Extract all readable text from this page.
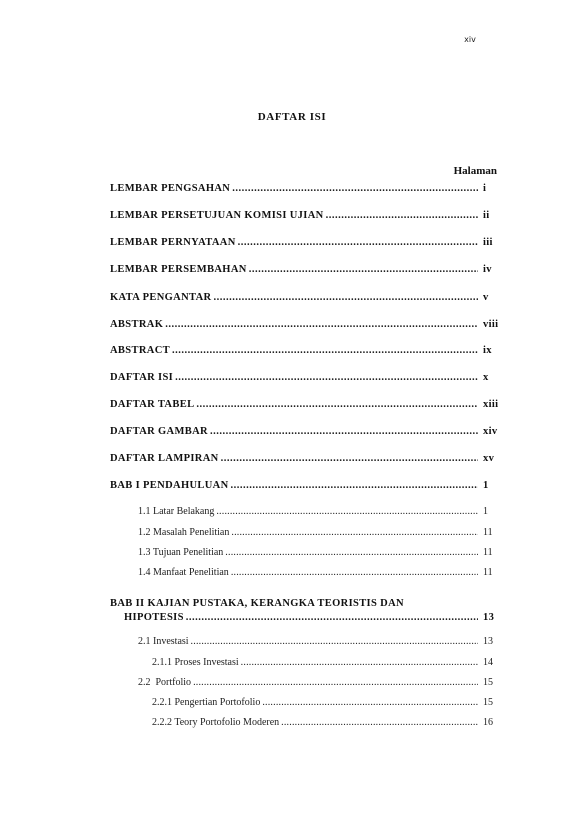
xiv
DAFTAR ISI
Halaman
LEMBAR PENGSAHAN .....	i
LEMBAR PERSETUJUAN KOMISI UJIAN .....	ii
LEMBAR PERNYATAAN .....	iii
LEMBAR PERSEMBAHAN .....	iv
KATA PENGANTAR .....	v
ABSTRAK .....	viii
ABSTRACT .....	ix
DAFTAR ISI .....	x
DAFTAR TABEL .....	xiii
DAFTAR GAMBAR .....	xiv
DAFTAR LAMPIRAN .....	xv
BAB I PENDAHULUAN .....	1
1.1 Latar Belakang .....	1
1.2 Masalah Penelitian .....	11
1.3 Tujuan Penelitian .....	11
1.4 Manfaat Penelitian .....	11
BAB II KAJIAN PUSTAKA, KERANGKA TEORISTIS DAN
HIPOTESIS .....	13
2.1 Investasi .....	13
2.1.1 Proses Investasi .....	14
2.2  Portfolio .....	15
2.2.1 Pengertian Portofolio .....	15
2.2.2 Teory Portofolio Moderen .....	16
